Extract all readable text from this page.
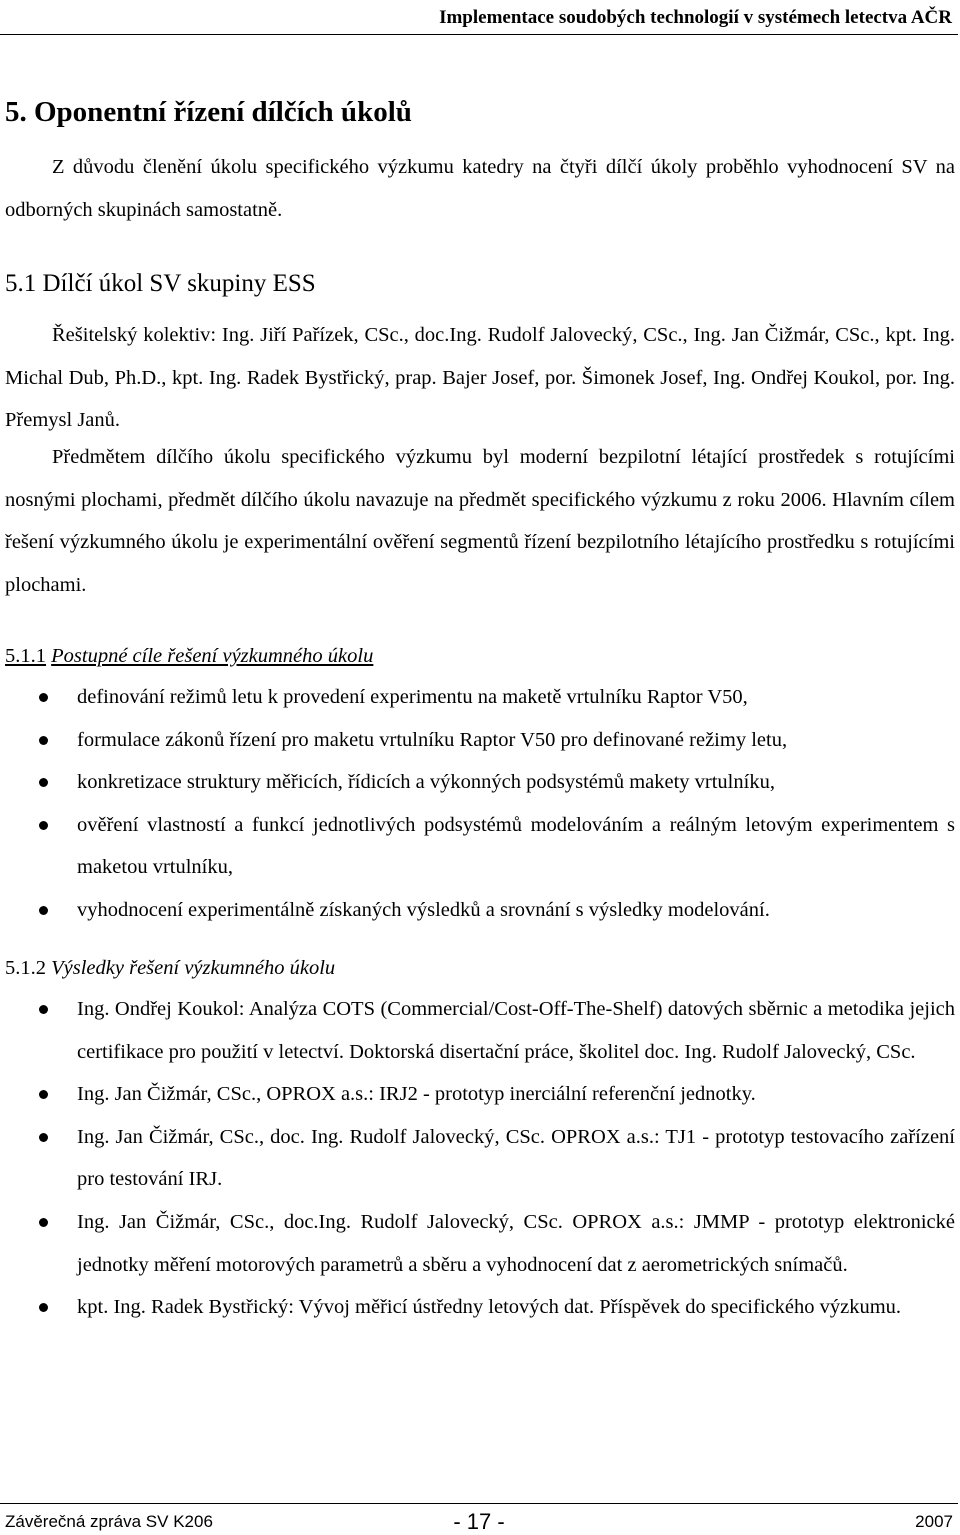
Implementace soudobých technologií v systémech letectva AČR
5. Oponentní řízení dílčích úkolů

Z důvodu členění úkolu specifického výzkumu katedry na čtyři dílčí úkoly proběhlo vyhodnocení SV na odborných skupinách samostatně.

5.1 Dílčí úkol SV skupiny ESS

Řešitelský kolektiv: Ing. Jiří Pařízek, CSc., doc.Ing. Rudolf Jalovecký, CSc., Ing. Jan Čižmár, CSc., kpt. Ing. Michal Dub, Ph.D., kpt. Ing. Radek Bystřický, prap. Bajer Josef, por. Šimonek Josef, Ing. Ondřej Koukol, por. Ing. Přemysl Janů.

Předmětem dílčího úkolu specifického výzkumu byl moderní bezpilotní létající prostředek s rotujícími nosnými plochami, předmět dílčího úkolu navazuje na předmět specifického výzkumu z roku 2006. Hlavním cílem řešení výzkumného úkolu je experimentální ověření segmentů řízení bezpilotního létajícího prostředku s rotujícími plochami.

5.1.1 Postupné cíle řešení výzkumného úkolu
definování režimů letu k provedení experimentu na maketě vrtulníku Raptor V50,
formulace zákonů řízení pro maketu vrtulníku Raptor V50 pro definované režimy letu,
konkretizace struktury měřicích, řídicích a výkonných podsystémů makety vrtulníku,
ověření vlastností a funkcí jednotlivých podsystémů modelováním a reálným letovým experimentem s maketou vrtulníku,
vyhodnocení experimentálně získaných výsledků a srovnání s výsledky modelování.
5.1.2 Výsledky řešení výzkumného úkolu
Ing. Ondřej Koukol: Analýza COTS (Commercial/Cost-Off-The-Shelf) datových sběrnic a metodika jejich certifikace pro použití v letectví. Doktorská disertační práce, školitel doc. Ing. Rudolf Jalovecký, CSc.
Ing. Jan Čižmár, CSc., OPROX a.s.: IRJ2 - prototyp inerciální referenční jednotky.
Ing. Jan Čižmár, CSc., doc. Ing. Rudolf Jalovecký, CSc. OPROX a.s.: TJ1 - prototyp testovacího zařízení pro testování IRJ.
Ing. Jan Čižmár, CSc., doc.Ing. Rudolf Jalovecký, CSc. OPROX a.s.: JMMP - prototyp elektronické jednotky měření motorových parametrů a sběru a vyhodnocení dat z aerometrických snímačů.
kpt. Ing. Radek Bystřický: Vývoj měřicí ústředny letových dat. Příspěvek do specifického výzkumu.
Závěrečná zpráva SV K206	- 17 -	2007
